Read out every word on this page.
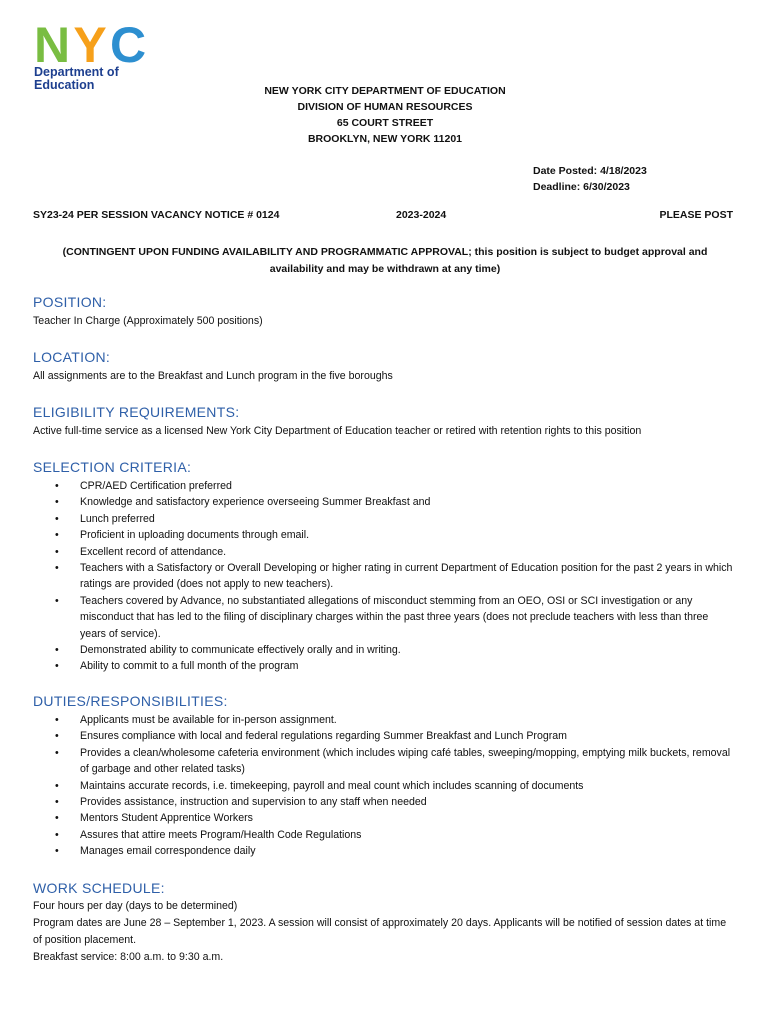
N Y C
Department of
Education	NEW YORK CITY DEPARTMENT OF EDUCATION
DIVISION OF HUMAN RESOURCES
65 COURT STREET
BROOKLYN, NEW YORK 11201
Date Posted: 4/18/2023
Deadline: 6/30/2023
SY23-24 PER SESSION VACANCY NOTICE # 0124	2023-2024	PLEASE POST
(CONTINGENT UPON FUNDING AVAILABILITY AND PROGRAMMATIC APPROVAL; this position is subject to budget approval and availability and may be withdrawn at any time)
POSITION:
Teacher In Charge (Approximately 500 positions)
LOCATION:
All assignments are to the Breakfast and Lunch program in the five boroughs
ELIGIBILITY REQUIREMENTS:
Active full-time service as a licensed New York City Department of Education teacher or retired with retention rights to this position
SELECTION CRITERIA:
• CPR/AED Certification preferred
• Knowledge and satisfactory experience overseeing Summer Breakfast and
• Lunch preferred
• Proficient in uploading documents through email.
• Excellent record of attendance.
• Teachers with a Satisfactory or Overall Developing or higher rating in current Department of Education position for the past 2 years in which ratings are provided (does not apply to new teachers).
• Teachers covered by Advance, no substantiated allegations of misconduct stemming from an OEO, OSI or SCI investigation or any misconduct that has led to the filing of disciplinary charges within the past three years (does not preclude teachers with less than three years of service).
• Demonstrated ability to communicate effectively orally and in writing.
• Ability to commit to a full month of the program
DUTIES/RESPONSIBILITIES:
• Applicants must be available for in-person assignment.
• Ensures compliance with local and federal regulations regarding Summer Breakfast and Lunch Program
• Provides a clean/wholesome cafeteria environment (which includes wiping café tables, sweeping/mopping, emptying milk buckets, removal of garbage and other related tasks)
• Maintains accurate records, i.e. timekeeping, payroll and meal count which includes scanning of documents
• Provides assistance, instruction and supervision to any staff when needed
• Mentors Student Apprentice Workers
• Assures that attire meets Program/Health Code Regulations
• Manages email correspondence daily
WORK SCHEDULE:
Four hours per day (days to be determined)
Program dates are June 28 – September 1, 2023. A session will consist of approximately 20 days. Applicants will be notified of session dates at time of position placement.
Breakfast service: 8:00 a.m. to 9:30 a.m.
